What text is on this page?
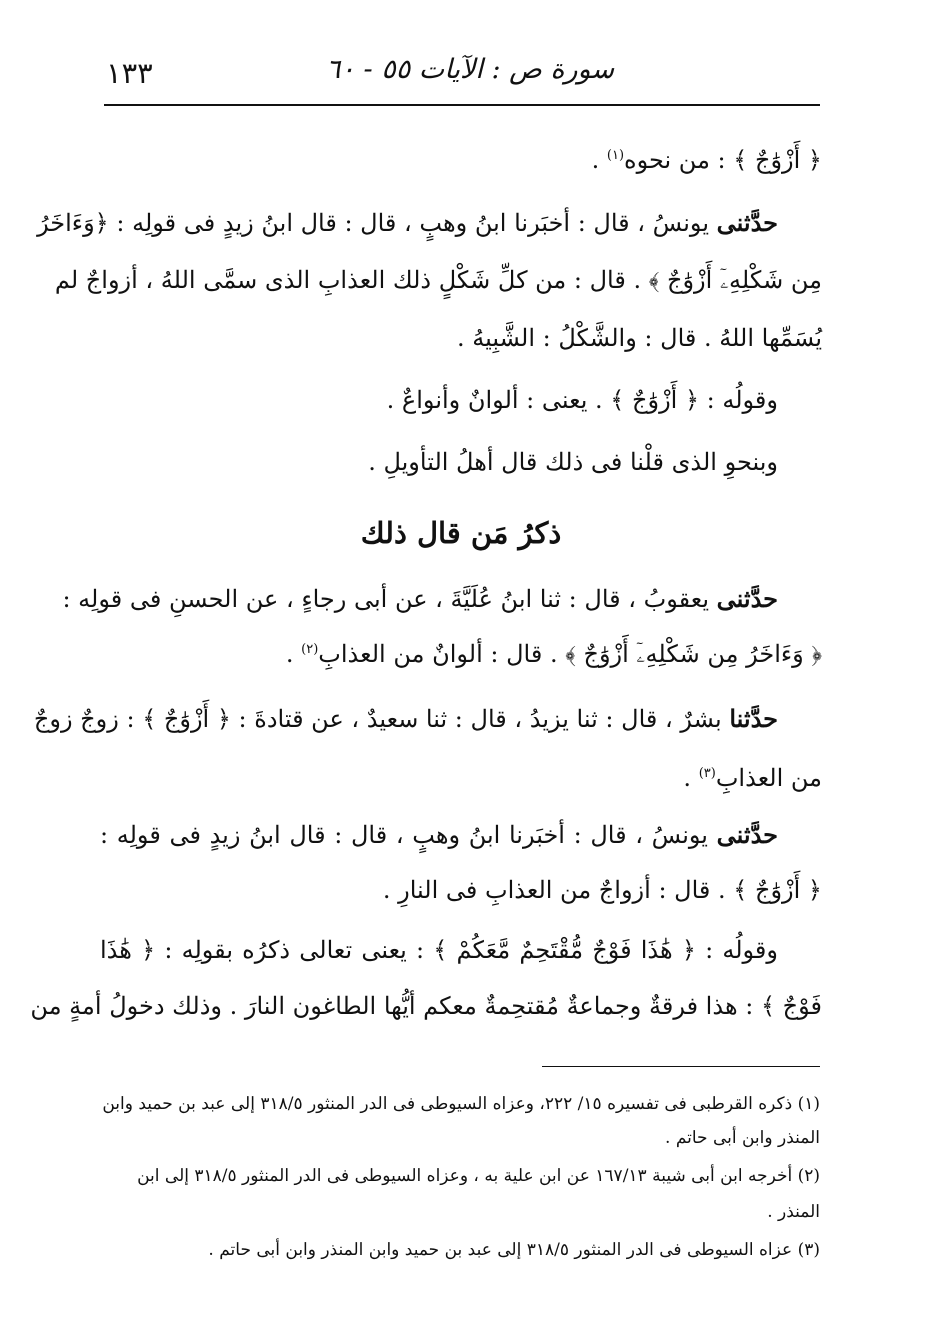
١٣٣	سورة ص : الآيات ٥٥ - ٦٠
﴿ أَزْوَٰجٌ ﴾ : من نحوه$^{(١)}$ .
حدَّثنى يونسُ ، قال : أخبَرنا ابنُ وهبٍ ، قال : قال ابنُ زيدٍ فى قولِه : ﴿وَءَاخَرُ
مِن شَكْلِهِۦٓ أَزْوَٰجٌ ﴾ . قال : من كلِّ شَكْلٍ ذلك العذابِ الذى سمَّى اللهُ ، أزواجٌ لم
يُسَمِّها اللهُ . قال : والشَّكْلُ : الشَّبِيهُ .
وقولُه : ﴿ أَزْوَٰجٌ ﴾ . يعنى : ألوانٌ وأنواعٌ .
وبنحوِ الذى قلْنا فى ذلك قال أهلُ التأويلِ .
حدَّثنى يعقوبُ ، قال : ثنا ابنُ عُلَيَّةَ ، عن أبى رجاءٍ ، عن الحسنِ فى قولِه :
﴿ وَءَاخَرُ مِن شَكْلِهِۦٓ أَزْوَٰجٌ ﴾ . قال : ألوانٌ من العذابِ$^{(٢)}$ .
حدَّثنا بشرٌ ، قال : ثنا يزيدُ ، قال : ثنا سعيدٌ ، عن قتادةَ : ﴿ أَزْوَٰجٌ ﴾ : زوجٌ زوجٌ
من العذابِ$^{(٣)}$ .
حدَّثنى يونسُ ، قال : أخبَرنا ابنُ وهبٍ ، قال : قال ابنُ زيدٍ فى قولِه :
﴿ أَزْوَٰجٌ ﴾ . قال : أزواجٌ من العذابِ فى النارِ .
وقولُه : ﴿ هَٰذَا فَوْجٌ مُّقْتَحِمٌ مَّعَكُمْ ﴾ : يعنى تعالى ذكرُه بقولِه : ﴿ هَٰذَا
فَوْجٌ ﴾ : هذا فرقةٌ وجماعةٌ مُقتحِمةٌ معكم أيُّها الطاغون النارَ . وذلك دخولُ أمةٍ من
ذكرُ مَن قال ذلك
(١) ذكره القرطبى فى تفسيره ١٥/ ٢٢٢، وعزاه السيوطى فى الدر المنثور ٣١٨/٥ إلى عبد بن حميد وابن
المنذر وابن أبى حاتم .
(٢) أخرجه ابن أبى شيبة ١٦٧/١٣ عن ابن علية به ، وعزاه السيوطى فى الدر المنثور ٣١٨/٥ إلى ابن
المنذر .
(٣) عزاه السيوطى فى الدر المنثور ٣١٨/٥ إلى عبد بن حميد وابن المنذر وابن أبى حاتم .
